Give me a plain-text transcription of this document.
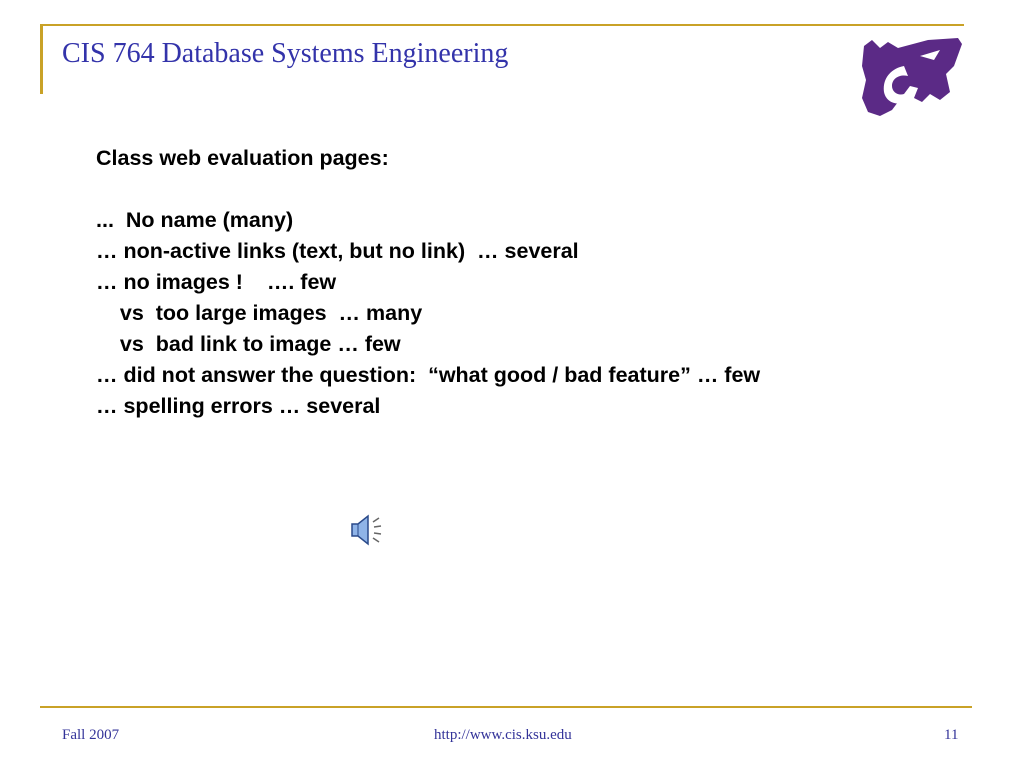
CIS 764 Database Systems Engineering
Class web evaluation pages:
...  No name (many)
… non-active links (text, but no link)  … several
… no images !    …. few
vs  too large images  … many
vs  bad link to image … few
… did not answer the question:  “what good / bad feature” … few
… spelling errors … several
Fall 2007	http://www.cis.ksu.edu	11
